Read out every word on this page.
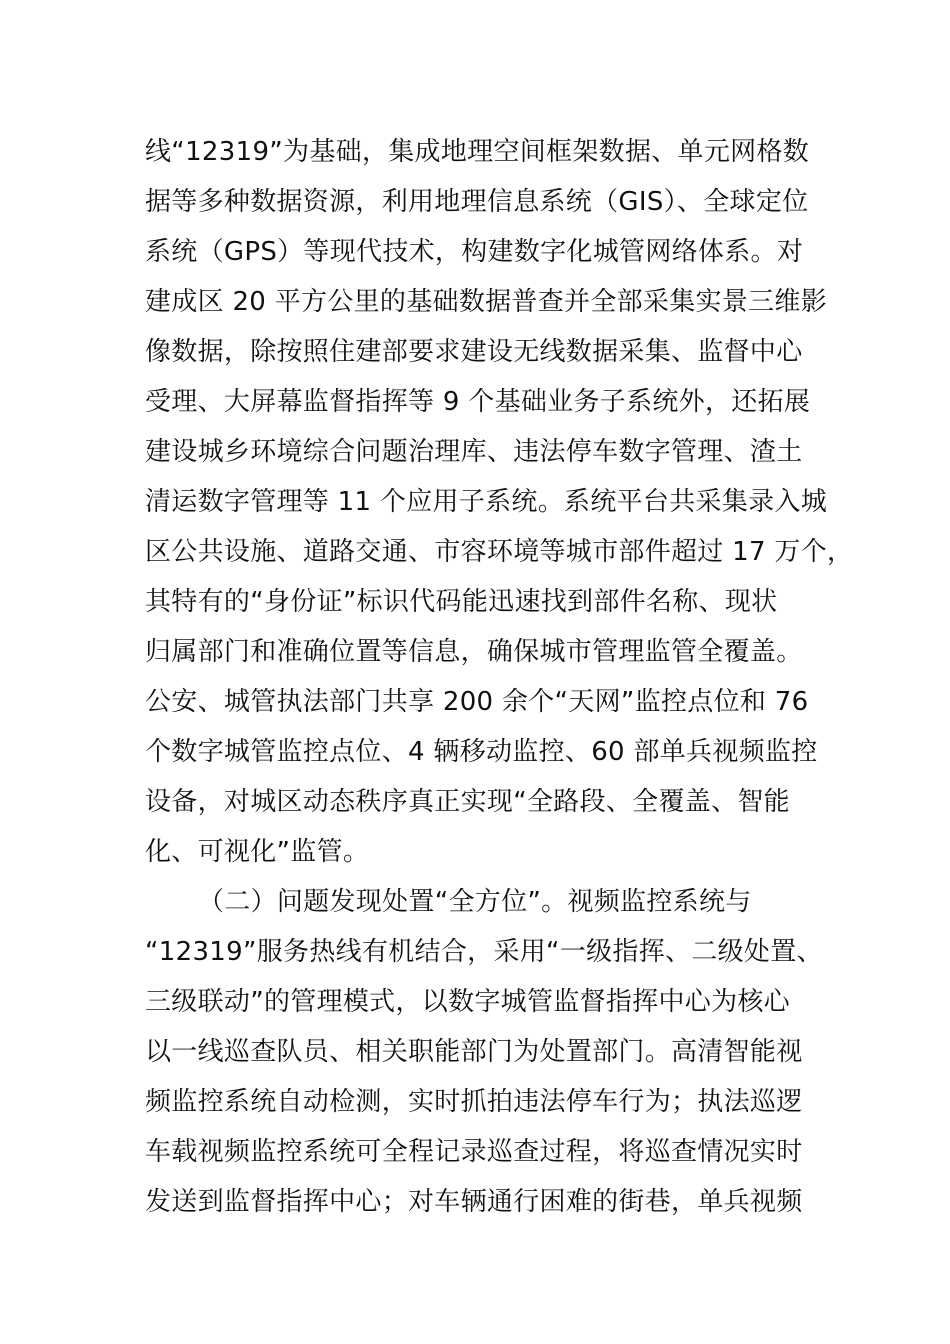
线“12319”为基础，集成地理空间框架数据、单元网格数
据等多种数据资源，利用地理信息系统（GIS）、全球定位
系统（GPS）等现代技术，构建数字化城管网络体系。对
建成区 20 平方公里的基础数据普查并全部采集实景三维影
像数据，除按照住建部要求建设无线数据采集、监督中心
受理、大屏幕监督指挥等 9 个基础业务子系统外，还拓展
建设城乡环境综合问题治理库、违法停车数字管理、渣土
清运数字管理等 11 个应用子系统。系统平台共采集录入城
区公共设施、道路交通、市容环境等城市部件超过 17 万个，
其特有的“身份证”标识代码能迅速找到部件名称、现状
归属部门和准确位置等信息，确保城市管理监管全覆盖。
公安、城管执法部门共享 200 余个“天网”监控点位和 76
个数字城管监控点位、4 辆移动监控、60 部单兵视频监控
设备，对城区动态秩序真正实现“全路段、全覆盖、智能
化、可视化”监管。
（二）问题发现处置“全方位”。视频监控系统与
“12319”服务热线有机结合，采用“一级指挥、二级处置、
三级联动”的管理模式，以数字城管监督指挥中心为核心
以一线巡查队员、相关职能部门为处置部门。高清智能视
频监控系统自动检测，实时抓拍违法停车行为；执法巡逻
车载视频监控系统可全程记录巡查过程，将巡查情况实时
发送到监督指挥中心；对车辆通行困难的街巷，单兵视频
